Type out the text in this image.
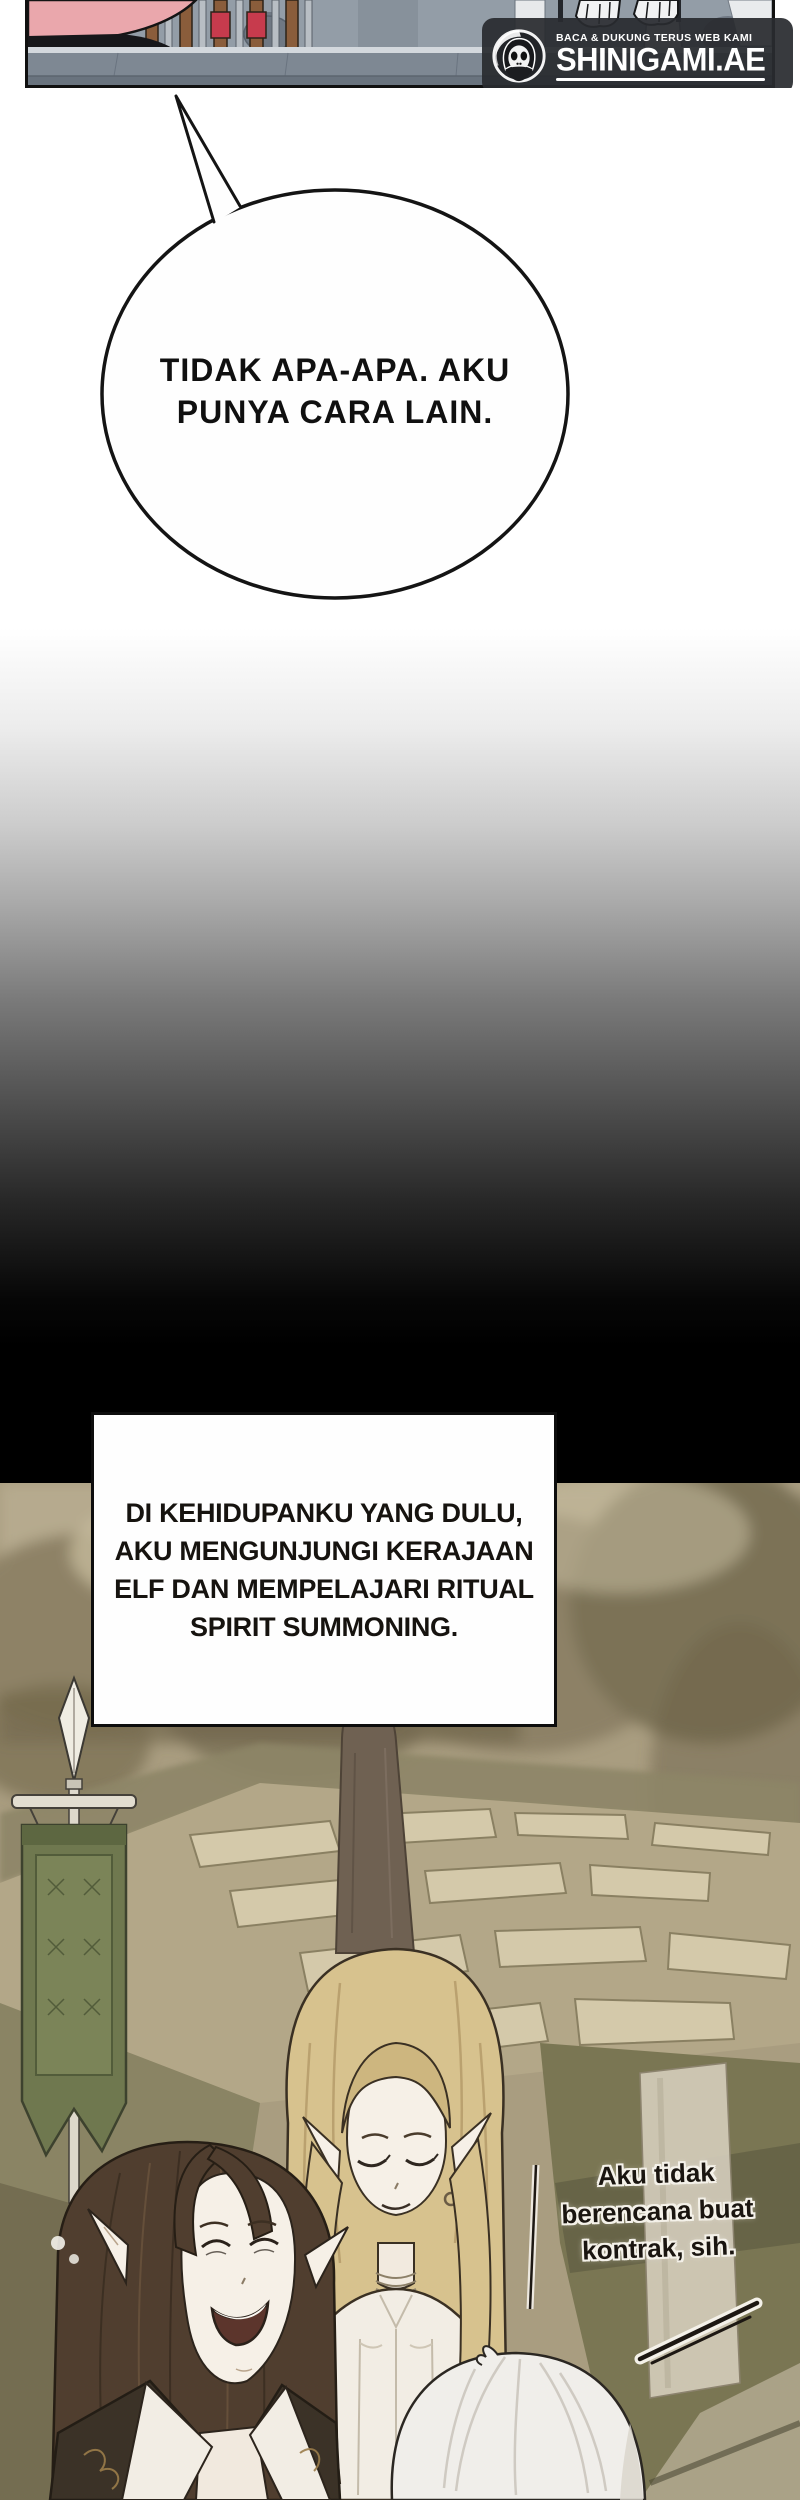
TIDAK APA-APA. AKU
PUNYA CARA LAIN.
BACA & DUKUNG TERUS WEB KAMI
SHINIGAMI.AE
DI KEHIDUPANKU YANG DULU,
AKU MENGUNJUNGI KERAJAAN
ELF DAN MEMPELAJARI RITUAL
SPIRIT SUMMONING.
Aku tidak
berencana buat
kontrak, sih.
